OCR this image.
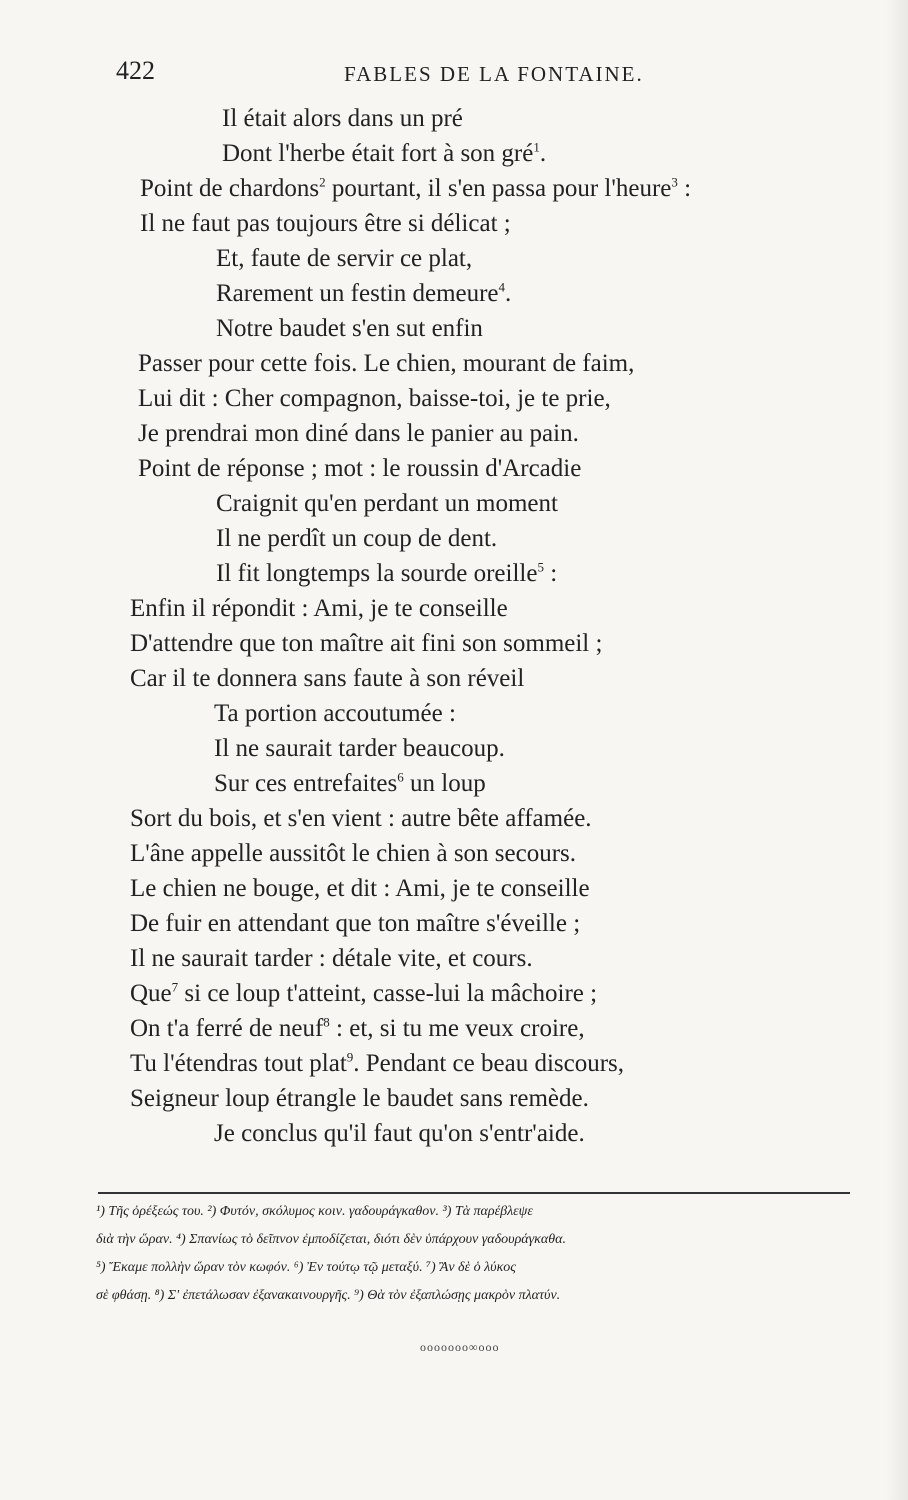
422	FABLES DE LA FONTAINE.
Il était alors dans un pré
Dont l'herbe était fort à son gré$^1$.
Point de chardons$^2$ pourtant, il s'en passa pour l'heure$^3$ :
Il ne faut pas toujours être si délicat ;
Et, faute de servir ce plat,
Rarement un festin demeure$^4$.
Notre baudet s'en sut enfin
Passer pour cette fois. Le chien, mourant de faim,
Lui dit : Cher compagnon, baisse-toi, je te prie,
Je prendrai mon diné dans le panier au pain.
Point de réponse ; mot : le roussin d'Arcadie
Craignit qu'en perdant un moment
Il ne perdît un coup de dent.
Il fit longtemps la sourde oreille$^5$ :
Enfin il répondit : Ami, je te conseille
D'attendre que ton maître ait fini son sommeil ;
Car il te donnera sans faute à son réveil
Ta portion accoutumée :
Il ne saurait tarder beaucoup.
Sur ces entrefaites$^6$ un loup
Sort du bois, et s'en vient : autre bête affamée.
L'âne appelle aussitôt le chien à son secours.
Le chien ne bouge, et dit : Ami, je te conseille
De fuir en attendant que ton maître s'éveille ;
Il ne saurait tarder : détale vite, et cours.
Que$^7$ si ce loup t'atteint, casse-lui la mâchoire ;
On t'a ferré de neuf$^8$ : et, si tu me veux croire,
Tu l'étendras tout plat$^9$. Pendant ce beau discours,
Seigneur loup étrangle le baudet sans remède.
Je conclus qu'il faut qu'on s'entr'aide.
¹) Τῆς ὀρέξεώς του. ²) Φυτόν, σκόλυμος κοιν. γαδουράγκαθον. ³) Τὰ παρέβλεψε
διὰ τὴν ὥραν. ⁴) Σπανίως τὸ δεῖπνον ἐμποδίζεται, διότι δὲν ὑπάρχουν γαδουράγκαθα.
⁵) Ἔκαμε πολλὴν ὥραν τὸν κωφόν. ⁶) Ἐν τούτῳ τῷ μεταξύ. ⁷) Ἂν δὲ ὁ λύκος
σὲ φθάσῃ. ⁸) Σ' ἐπετάλωσαν ἐξανακαινουργῆς. ⁹) Θὰ τὸν ἐξαπλώσῃς μακρὸν πλατύν.
ooooooo∞ooo
